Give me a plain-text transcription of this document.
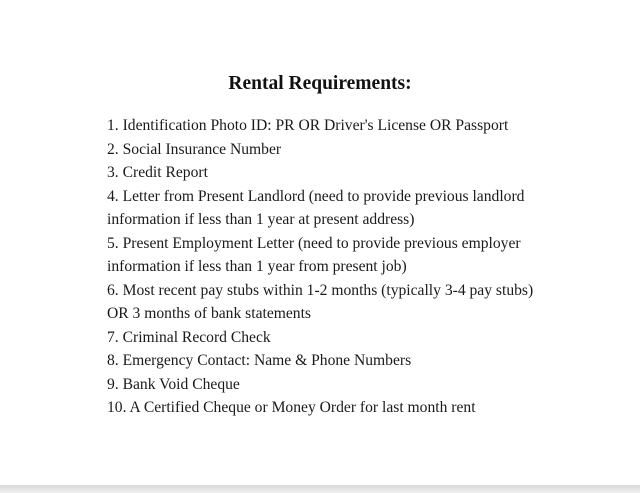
Rental Requirements:
1. Identification Photo ID: PR OR Driver's License OR Passport
2. Social Insurance Number
3. Credit Report
4. Letter from Present Landlord (need to provide previous landlord information if less than 1 year at present address)
5. Present Employment Letter (need to provide previous employer information if less than 1 year from present job)
6. Most recent pay stubs within 1-2 months (typically 3-4 pay stubs) OR 3 months of bank statements
7. Criminal Record Check
8. Emergency Contact: Name & Phone Numbers
9. Bank Void Cheque
10. A Certified Cheque or Money Order for last month rent
